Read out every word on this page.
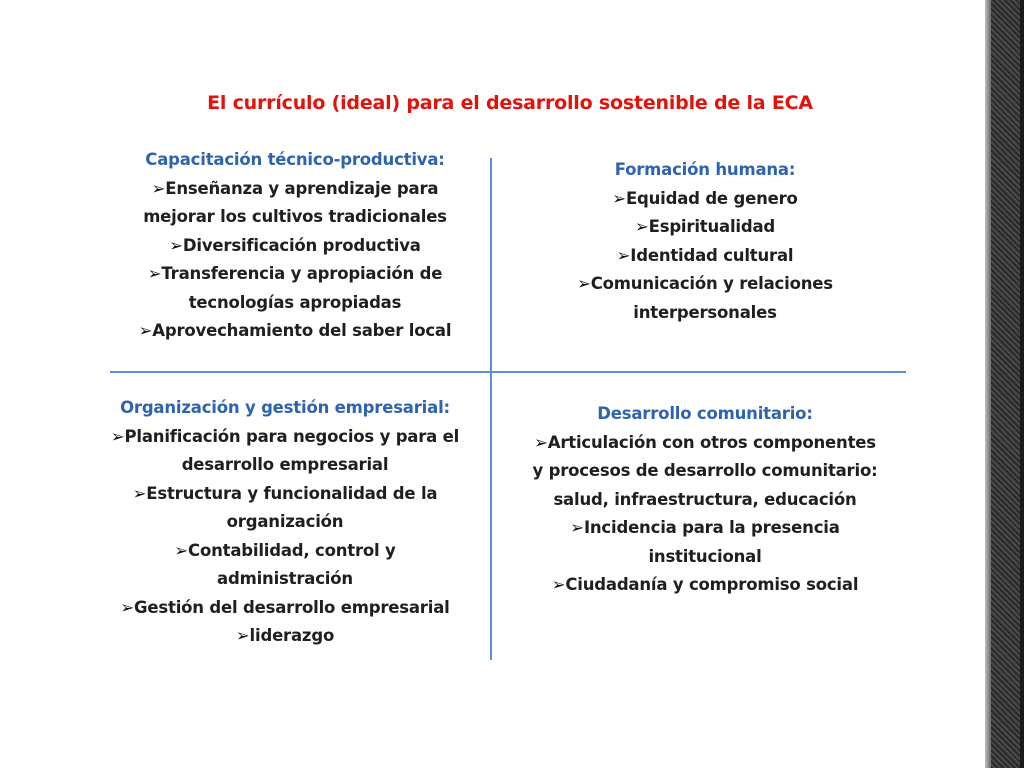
El currículo (ideal) para el desarrollo sostenible de la ECA
Capacitación técnico-productiva:
➢Enseñanza y aprendizaje para
mejorar los cultivos tradicionales
➢Diversificación productiva
➢Transferencia y apropiación de
tecnologías apropiadas
➢Aprovechamiento del saber local
Formación humana:
➢Equidad de genero
➢Espiritualidad
➢Identidad cultural
➢Comunicación y relaciones
interpersonales
Organización y gestión empresarial:
➢Planificación para negocios y para el
desarrollo empresarial
➢Estructura y funcionalidad de la
organización
➢Contabilidad, control y
administración
➢Gestión del desarrollo empresarial
➢liderazgo
Desarrollo comunitario:
➢Articulación con otros componentes
y procesos de desarrollo comunitario:
salud, infraestructura, educación
➢Incidencia para la presencia
institucional
➢Ciudadanía y compromiso social
